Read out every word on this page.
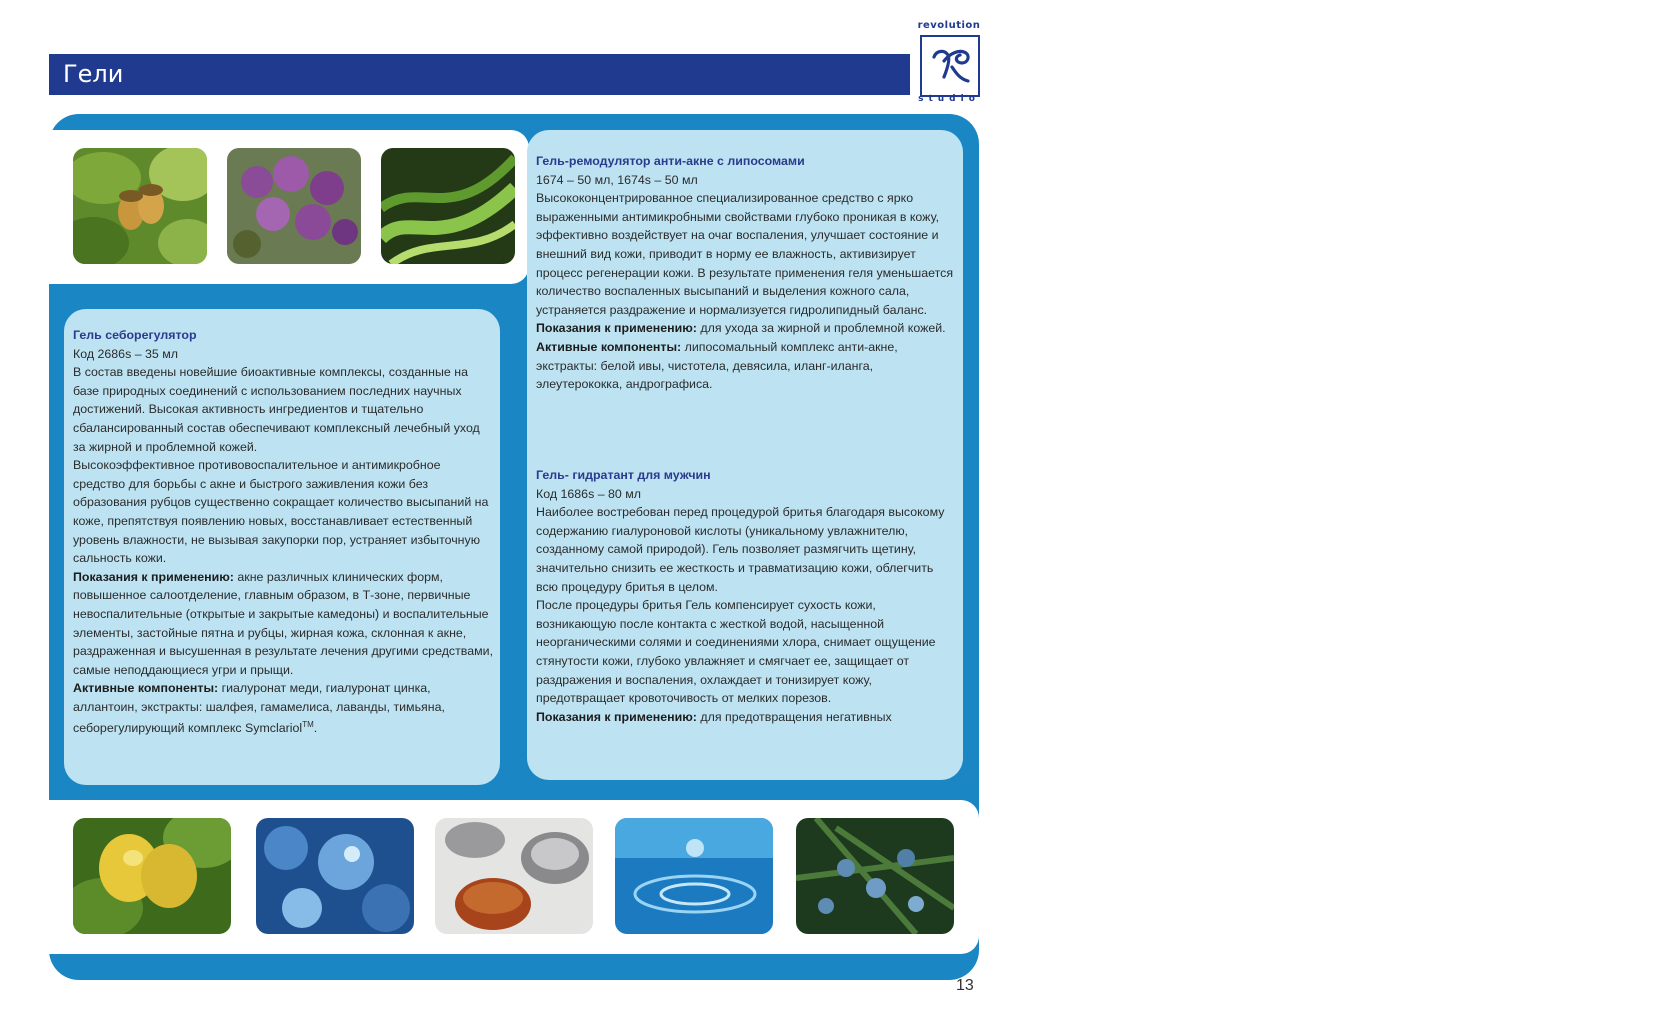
Гели
revolution
studio

Гель себорегулятор

Код 2686s – 35 мл

В состав введены новейшие биоактивные комплексы, созданные на базе природных соединений с использованием последних научных достижений. Высокая активность ингредиентов и тщательно сбалансированный состав обеспечивают комплексный лечебный уход за жирной и проблемной кожей.

Высокоэффективное противовоспалительное и антимикробное средство для борьбы с акне и быстрого заживления кожи без образования рубцов существенно сокращает количество высыпаний на коже, препятствуя появлению новых, восстанавливает естественный уровень влажности, не вызывая закупорки пор, устраняет избыточную сальность кожи.

Показания к применению: акне различных клинических форм, повышенное салоотделение, главным образом, в Т-зоне, первичные невоспалительные (открытые и закрытые камедоны) и воспалительные элементы, застойные пятна и рубцы, жирная кожа, склонная к акне, раздраженная и высушенная в результате лечения другими средствами, самые неподдающиеся угри и прыщи.

Активные компоненты: гиалуронат меди, гиалуронат цинка, аллантоин, экстракты: шалфея, гамамелиса, лаванды, тимьяна, себорегулирующий комплекс Symclariol™.

Гель-ремодулятор анти-акне с липосомами

1674 – 50 мл, 1674s – 50 мл

Высококонцентрированное специализированное средство с ярко выраженными антимикробными свойствами глубоко проникая в кожу, эффективно воздействует на очаг воспаления, улучшает состояние и внешний вид кожи, приводит в норму ее влажность, активизирует процесс регенерации кожи. В результате применения геля уменьшается количество воспаленных высыпаний и выделения кожного сала, устраняется раздражение и нормализуется гидролипидный баланс.

Показания к применению: для ухода за жирной и проблемной кожей.

Активные компоненты: липосомальный комплекс анти-акне, экстракты: белой ивы, чистотела, девясила, иланг-иланга, элеутерококка, андрографиса.

Гель- гидратант для мужчин

Код 1686s – 80 мл

Наиболее востребован перед процедурой бритья благодаря высокому содержанию гиалуроновой кислоты (уникальному увлажнителю, созданному самой природой). Гель позволяет размягчить щетину, значительно снизить ее жесткость и травматизацию кожи, облегчить всю процедуру бритья в целом.

После процедуры бритья Гель компенсирует сухость кожи, возникающую после контакта с жесткой водой, насыщенной неорганическими солями и соединениями хлора, снимает ощущение стянутости кожи, глубоко увлажняет и смягчает ее, защищает от раздражения и воспаления, охлаждает и тонизирует кожу, предотвращает кровоточивость от мелких порезов.

Показания к применению: для предотвращения негативных

13
